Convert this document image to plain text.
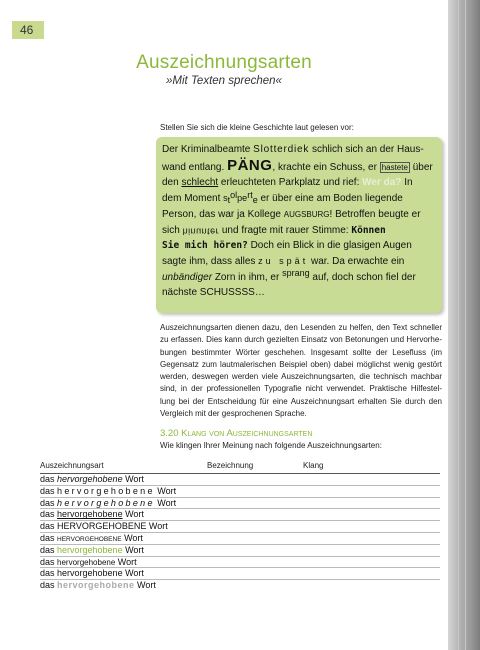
46
Auszeichnungsarten
»Mit Texten sprechen«
Stellen Sie sich die kleine Geschichte laut gelesen vor:
Der Kriminalbeamte Slotterdiek schlich sich an der Haus-
wand entlang. PÄNG, krachte ein Schuss, er hastete über
den schlecht erleuchteten Parkplatz und rief: Wer da? In
dem Moment stolperte er über eine am Boden liegende
Person, das war ja Kollege AUGSBURG! Betroffen beugte er
sich hinunter und fragte mit rauer Stimme: Können
Sie mich hören? Doch ein Blick in die glasigen Augen
sagte ihm, dass alles zu spät war. Da erwachte ein
unbändiger Zorn in ihm, er sprang auf, doch schon fiel der
nächste SCHUSSSS…
Auszeichnungsarten dienen dazu, den Lesenden zu helfen, den Text schneller
zu erfassen. Dies kann durch gezielten Einsatz von Betonungen und Hervorhe-
bungen bestimmter Wörter geschehen. Insgesamt sollte der Lesefluss (im
Gegensatz zum lautmalerischen Beispiel oben) dabei möglichst wenig gestört
werden, deswegen werden viele Auszeichnungsarten, die technisch machbar
sind, in der professionellen Typografie nicht verwendet. Praktische Hilfestel-
lung bei der Entscheidung für eine Auszeichnungsart erhalten Sie durch den
Vergleich mit der gesprochenen Sprache.
3.20 Klang von Auszeichnungsarten
Wie klingen Ihrer Meinung nach folgende Auszeichnungsarten:
Auszeichnungsart	Bezeichnung	Klang
das hervorgehobene Wort
das hervorgehobene Wort
das hervorgehobene Wort
das hervorgehobene Wort
das HERVORGEHOBENE Wort
das HERVORGEHOBENE Wort
das hervorgehobene Wort
das hervorgehobene Wort
das hervorgehobene Wort
das hervorgehobene Wort
